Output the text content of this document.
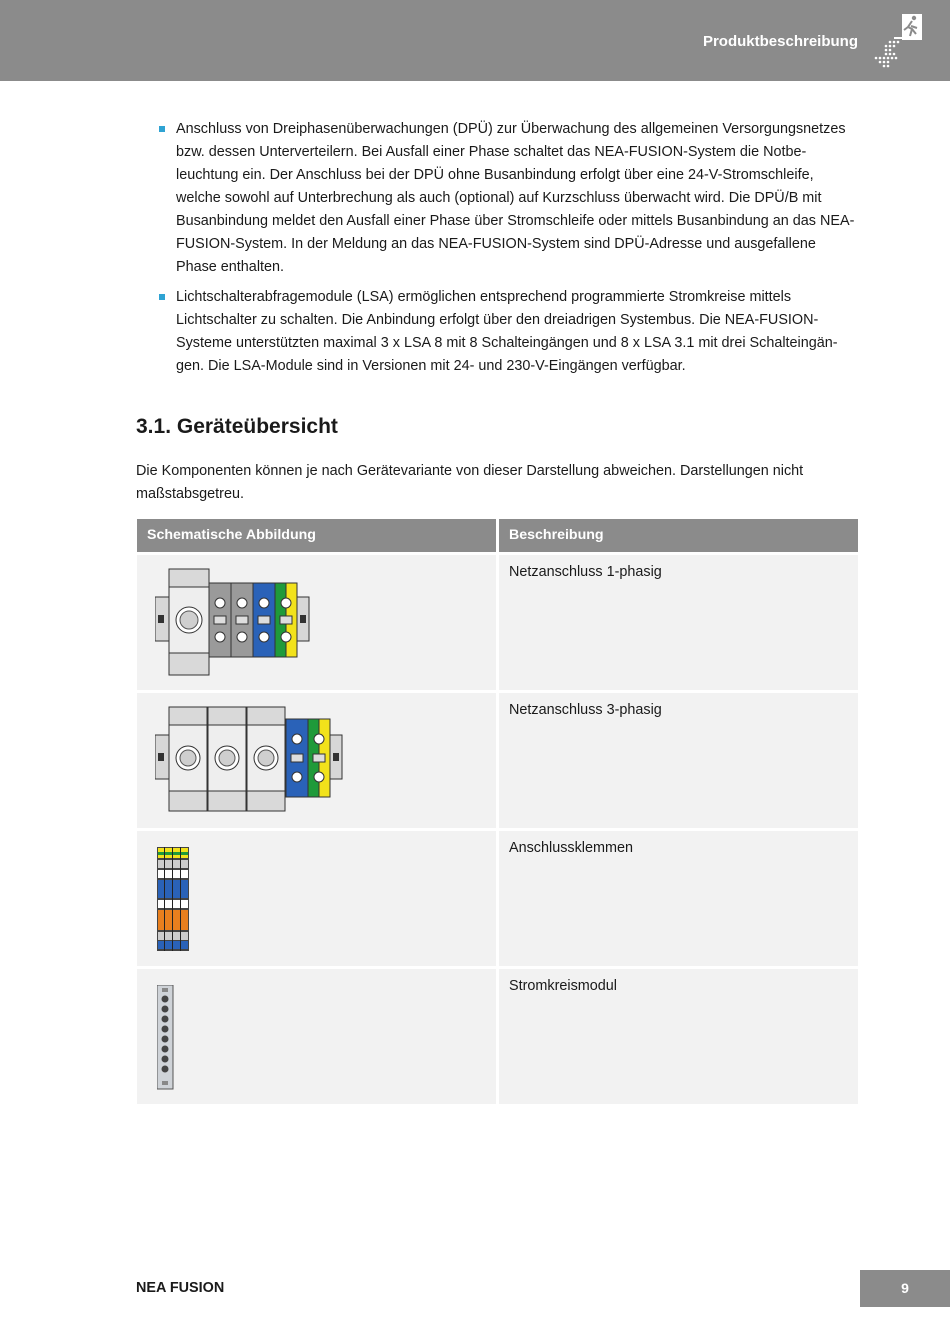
Produktbeschreibung
Anschluss von Dreiphasenüberwachungen (DPÜ) zur Überwachung des allgemeinen Versorgungsnetzes bzw. dessen Unterverteilern. Bei Ausfall einer Phase schaltet das NEA-FUSION-System die Notbeleuchtung ein. Der Anschluss bei der DPÜ ohne Busanbindung erfolgt über eine 24-V-Stromschleife, welche sowohl auf Unterbrechung als auch (optional) auf Kurzschluss überwacht wird. Die DPÜ/B mit Busanbindung meldet den Ausfall einer Phase über Stromschleife oder mittels Busanbindung an das NEA-FUSION-System. In der Meldung an das NEA-FUSION-System sind DPÜ-Adresse und ausgefallene Phase enthalten.
Lichtschalterabfragemodule (LSA) ermöglichen entsprechend programmierte Stromkreise mittels Lichtschalter zu schalten. Die Anbindung erfolgt über den dreiadrigen Systembus. Die NEA-FUSION-Systeme unterstützten maximal 3 x LSA 8 mit 8 Schalteingängen und 8 x LSA 3.1 mit drei Schalteingängen. Die LSA-Module sind in Versionen mit 24- und 230-V-Eingängen verfügbar.
3.1. Geräteübersicht

Die Komponenten können je nach Gerätevariante von dieser Darstellung abweichen. Darstellungen nicht maßstabsgetreu.

Schematische Abbildung	Beschreibung
Netzanschluss 1-phasig
Netzanschluss 3-phasig
Anschlussklemmen
Stromkreismodul
NEA FUSION	9
